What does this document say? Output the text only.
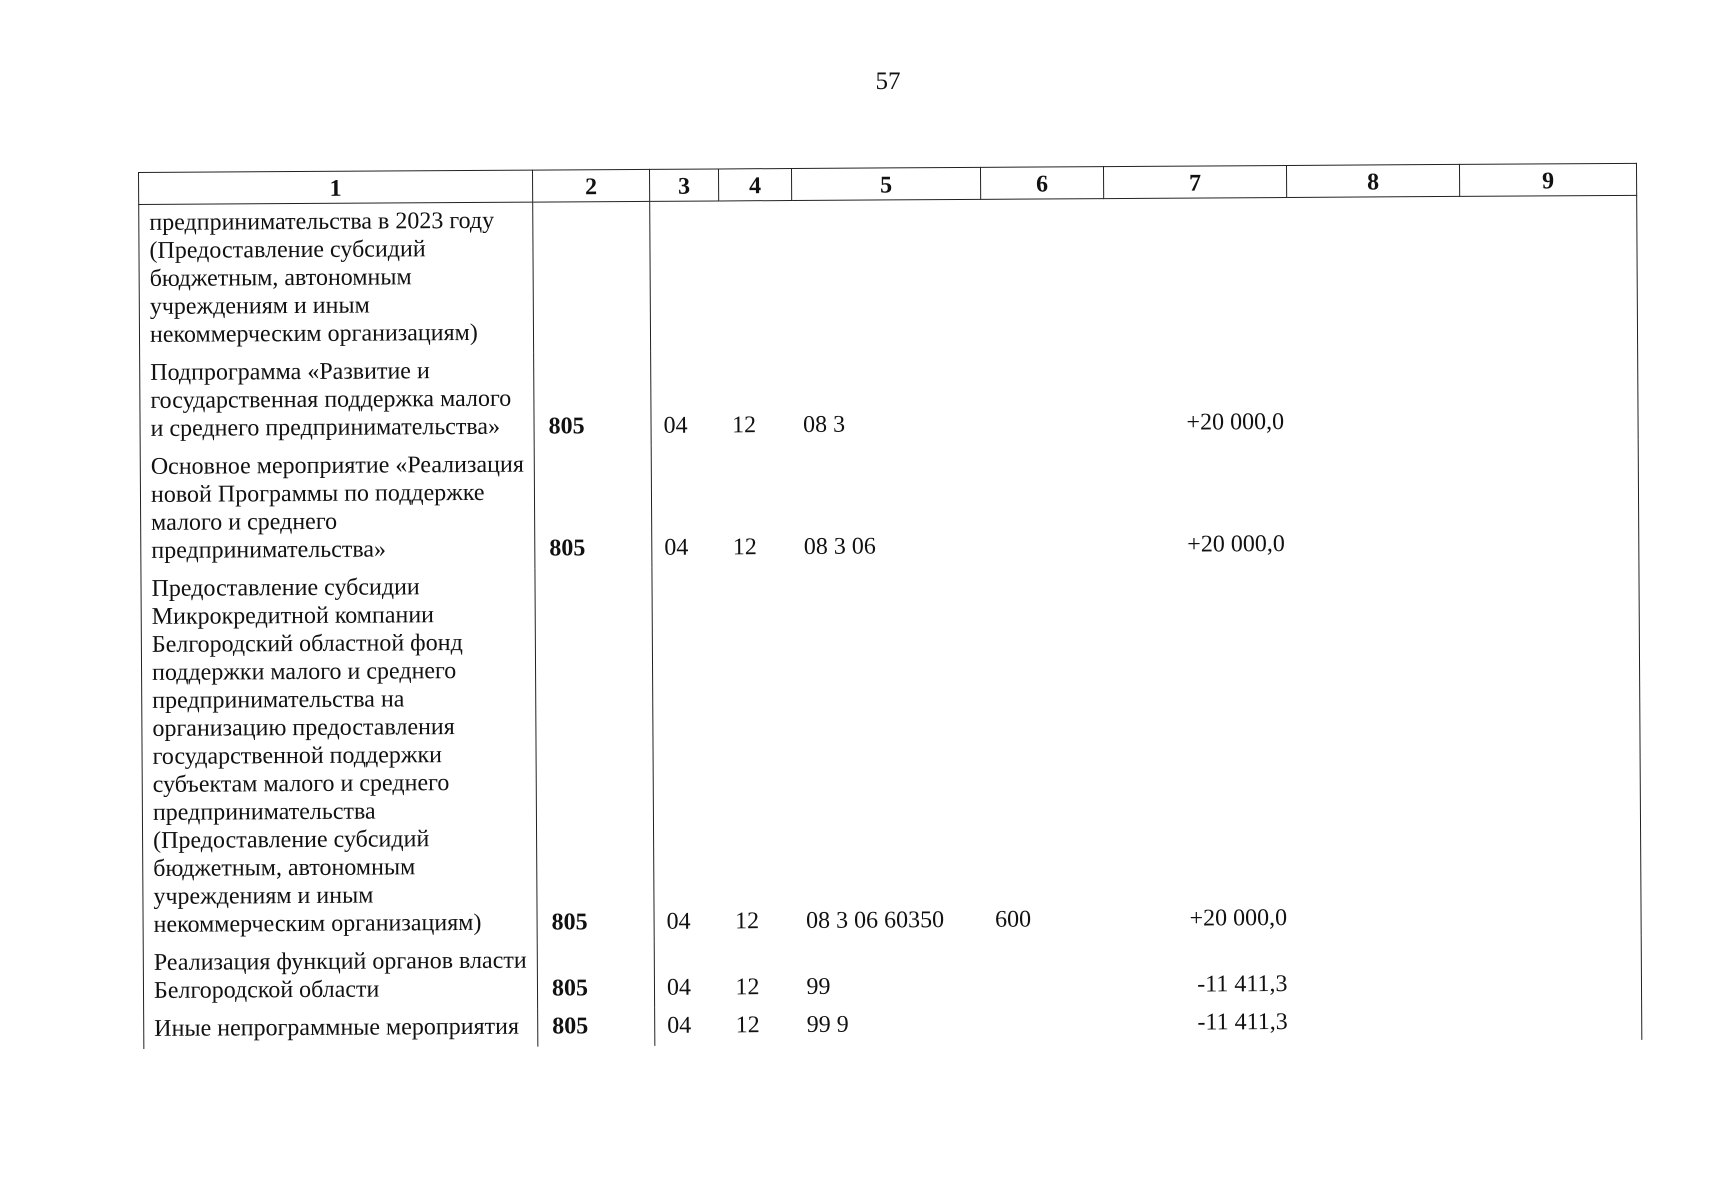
57
1	2	3	4	5	6	7	8	9
предпринимательства в 2023 году (Предоставление субсидий бюджетным, автономным учреждениям и иным некоммерческим организациям)								
Подпрограмма «Развитие и государственная поддержка малого и среднего предпринимательства»	805	04	12	08 3		+20 000,0		
Основное мероприятие «Реализация новой Программы по поддержке малого и среднего предпринимательства»	805	04	12	08 3 06		+20 000,0		
Предоставление субсидии Микрокредитной компании Белгородский областной фонд поддержки малого и среднего предпринимательства на организацию предоставления государственной поддержки субъектам малого и среднего предпринимательства (Предоставление субсидий бюджетным, автономным учреждениям и иным некоммерческим организациям)	805	04	12	08 3 06 60350	600	+20 000,0		
Реализация функций органов власти Белгородской области	805	04	12	99		-11 411,3		
Иные непрограммные мероприятия	805	04	12	99 9		-11 411,3		
